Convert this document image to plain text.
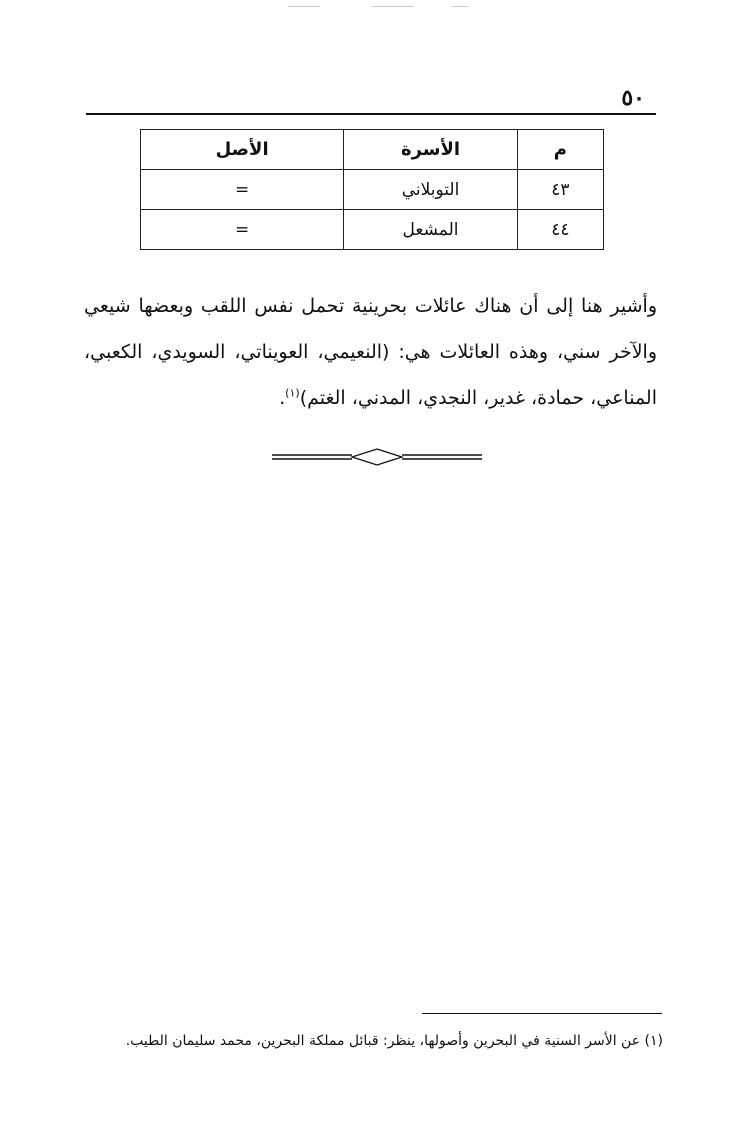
٥٠
م	الأسرة	الأصل
٤٣	التوبلاني	=
٤٤	المشعل	=

وأشير هنا إلى أن هناك عائلات بحرينية تحمل نفس اللقب وبعضها شيعي والآخر سني، وهذه العائلات هي: (النعيمي، العويناتي، السويدي، الكعبي، المناعي، حمادة، غدير، النجدي، المدني، الغتم)$^{(١)}$.

(١) عن الأسر السنية في البحرين وأصولها، ينظر: قبائل مملكة البحرين، محمد سليمان الطيب.
